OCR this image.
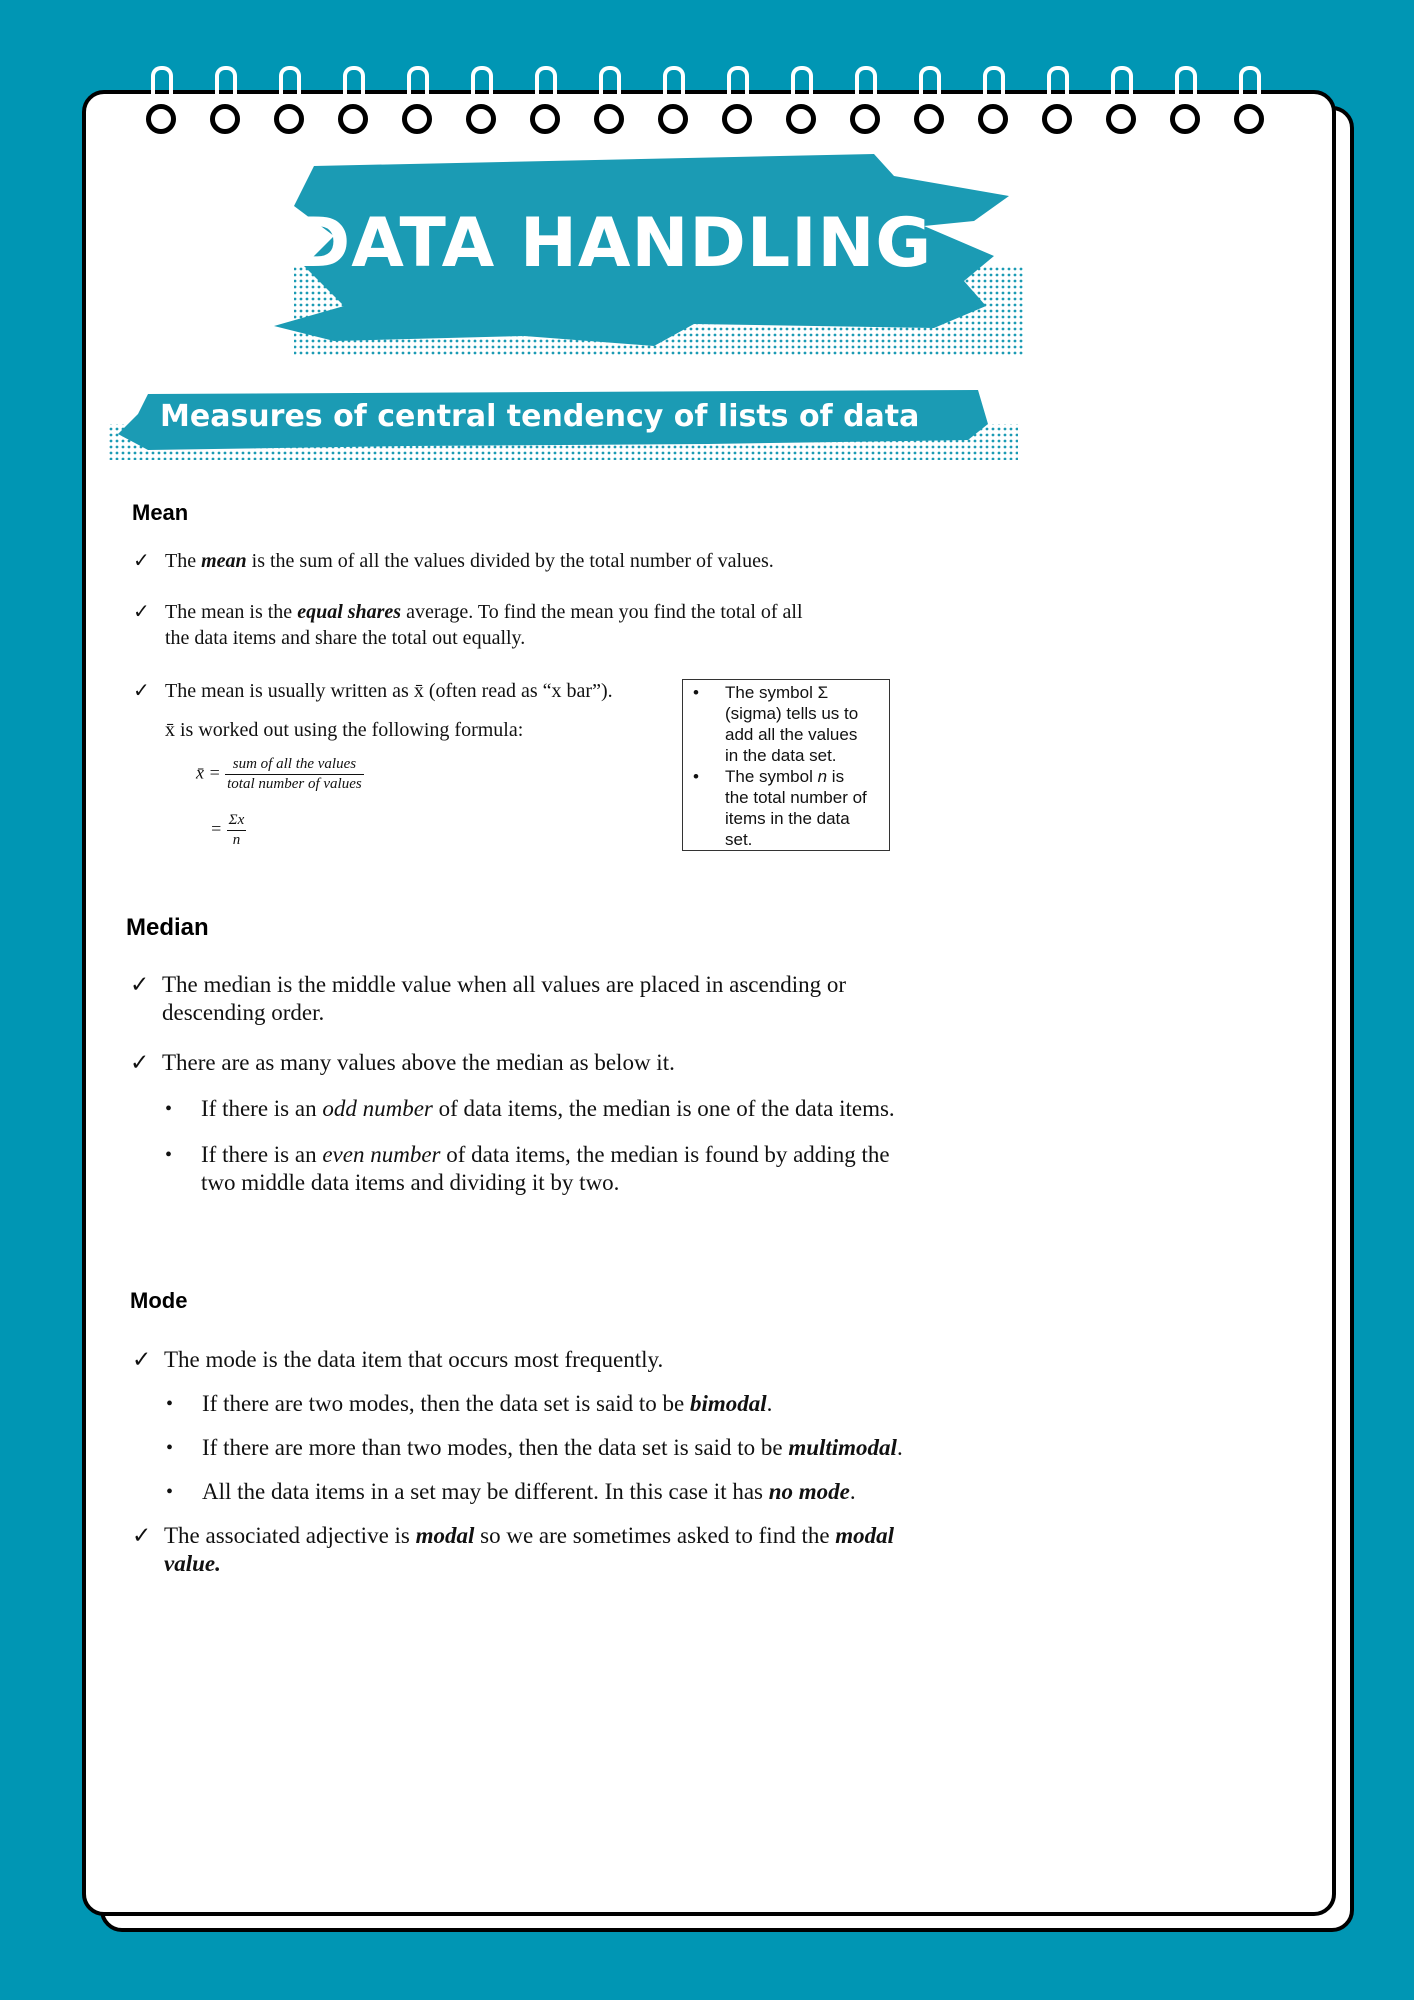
DATA HANDLING
Measures of central tendency of lists of data
Mean
✓ The mean is the sum of all the values divided by the total number of values.
✓ The mean is the equal shares average. To find the mean you find the total of all
the data items and share the total out equally.
✓ The mean is usually written as x̄ (often read as “x bar”).
x̄ is worked out using the following formula:
x̄ = $\frac{\text{sum of all the values}}{\text{total number of values}}$
= $\frac{\Sigma x}{n}$
• The symbol Σ
(sigma) tells us to
add all the values
in the data set.
• The symbol n is
the total number of
items in the data
set.
Median
✓ The median is the middle value when all values are placed in ascending or
descending order.
✓ There are as many values above the median as below it.
• If there is an odd number of data items, the median is one of the data items.
• If there is an even number of data items, the median is found by adding the
two middle data items and dividing it by two.
Mode
✓ The mode is the data item that occurs most frequently.
• If there are two modes, then the data set is said to be bimodal.
• If there are more than two modes, then the data set is said to be multimodal.
• All the data items in a set may be different. In this case it has no mode.
✓ The associated adjective is modal so we are sometimes asked to find the modal
value.
